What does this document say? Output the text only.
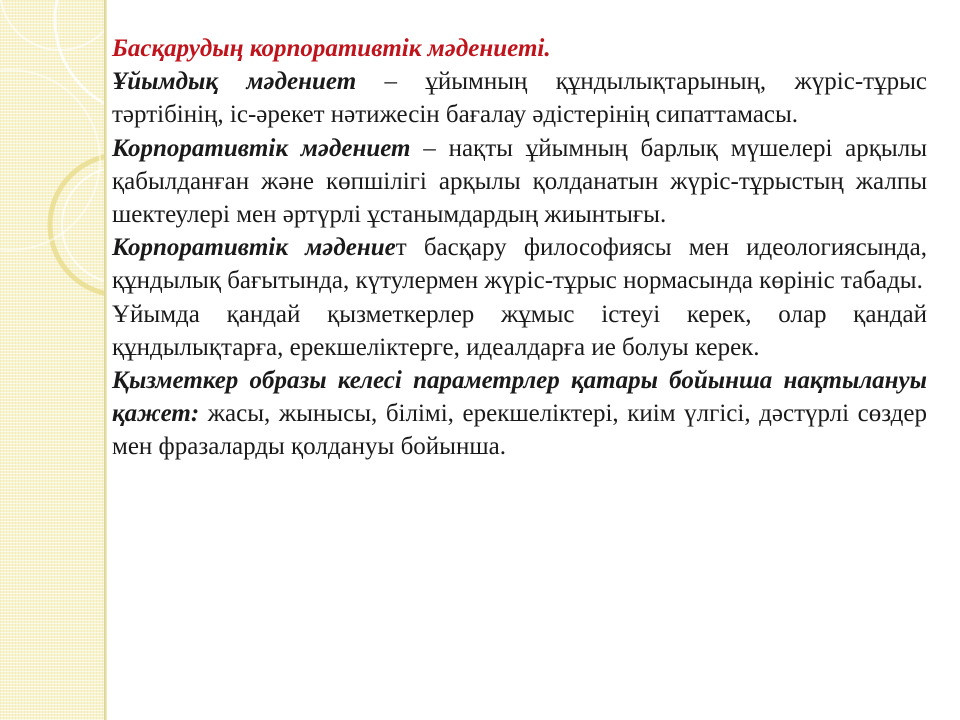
Басқарудың корпоративтік мәдениеті.

Ұйымдық мәдениет – ұйымның құндылықтарының, жүріс-тұрыс тәртібінің, іс-әрекет нәтижесін бағалау әдістерінің сипаттамасы.

Корпоративтік мәдениет – нақты ұйымның барлық мүшелері арқылы қабылданған және көпшілігі арқылы қолданатын жүріс-тұрыстың жалпы шектеулері мен әртүрлі ұстанымдардың жиынтығы.

Корпоративтік мәдениет басқару философиясы мен идеологиясында, құндылық бағытында, күтулермен жүріс-тұрыс нормасында көрініс табады.

Ұйымда қандай қызметкерлер жұмыс істеуі керек, олар қандай құндылықтарға, ерекшеліктерге, идеалдарға ие болуы керек.

Қызметкер образы келесі параметрлер қатары бойынша нақтылануы қажет: жасы, жынысы, білімі, ерекшеліктері, киім үлгісі, дәстүрлі сөздер мен фразаларды қолдануы бойынша.
